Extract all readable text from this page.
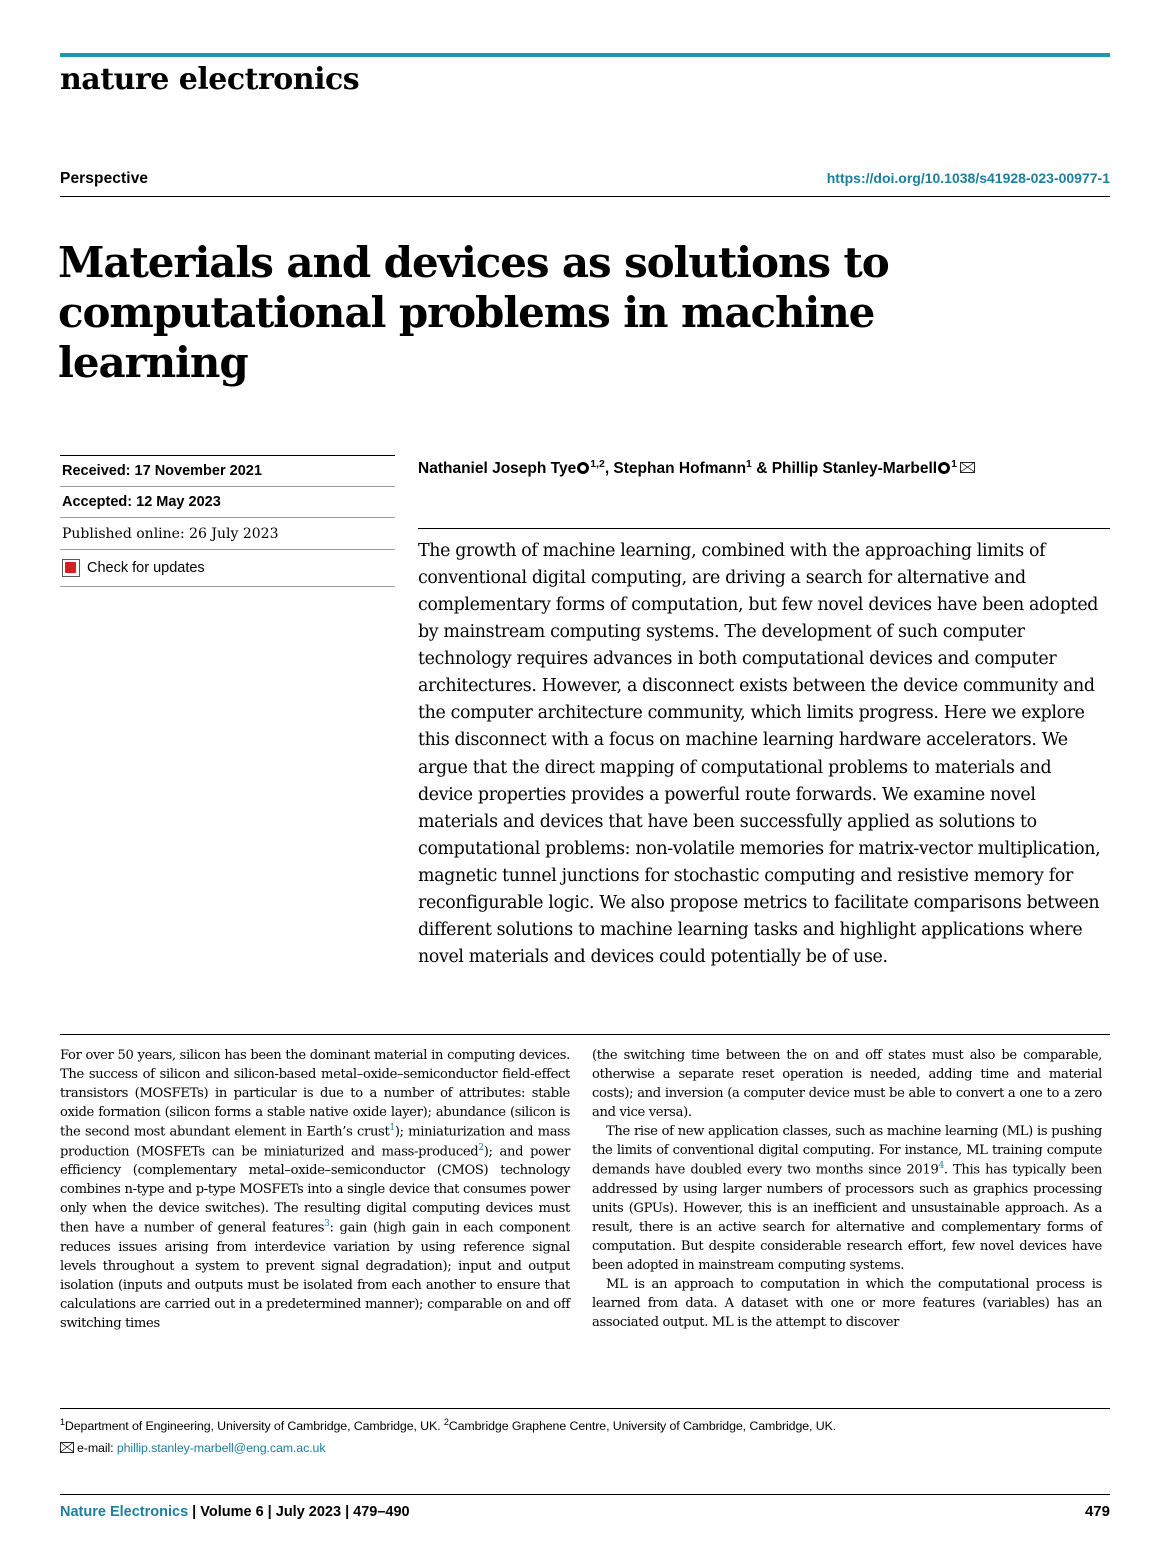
nature electronics
Perspective	https://doi.org/10.1038/s41928-023-00977-1
Materials and devices as solutions to computational problems in machine learning
Received: 17 November 2021
Accepted: 12 May 2023
Published online: 26 July 2023
Check for updates
Nathaniel Joseph Tye $^{1,2}$, Stephan Hofmann$^1$ & Phillip Stanley-Marbell $^1$
The growth of machine learning, combined with the approaching limits of conventional digital computing, are driving a search for alternative and complementary forms of computation, but few novel devices have been adopted by mainstream computing systems. The development of such computer technology requires advances in both computational devices and computer architectures. However, a disconnect exists between the device community and the computer architecture community, which limits progress. Here we explore this disconnect with a focus on machine learning hardware accelerators. We argue that the direct mapping of computational problems to materials and device properties provides a powerful route forwards. We examine novel materials and devices that have been successfully applied as solutions to computational problems: non-volatile memories for matrix-vector multiplication, magnetic tunnel junctions for stochastic computing and resistive memory for reconfigurable logic. We also propose metrics to facilitate comparisons between different solutions to machine learning tasks and highlight applications where novel materials and devices could potentially be of use.

For over 50 years, silicon has been the dominant material in computing devices. The success of silicon and silicon-based metal–oxide–semiconductor field-effect transistors (MOSFETs) in particular is due to a number of attributes: stable oxide formation (silicon forms a stable native oxide layer); abundance (silicon is the second most abundant element in Earth’s crust$^1$); miniaturization and mass production (MOSFETs can be miniaturized and mass-produced$^2$); and power efficiency (complementary metal–oxide–semiconductor (CMOS) technology combines n-type and p-type MOSFETs into a single device that consumes power only when the device switches). The resulting digital computing devices must then have a number of general features$^3$: gain (high gain in each component reduces issues arising from interdevice variation by using reference signal levels throughout a system to prevent signal degradation); input and output isolation (inputs and outputs must be isolated from each another to ensure that calculations are carried out in a predetermined manner); comparable on and off switching times

(the switching time between the on and off states must also be comparable, otherwise a separate reset operation is needed, adding time and material costs); and inversion (a computer device must be able to convert a one to a zero and vice versa).

The rise of new application classes, such as machine learning (ML) is pushing the limits of conventional digital computing. For instance, ML training compute demands have doubled every two months since 2019$^4$. This has typically been addressed by using larger numbers of processors such as graphics processing units (GPUs). However, this is an inefficient and unsustainable approach. As a result, there is an active search for alternative and complementary forms of computation. But despite considerable research effort, few novel devices have been adopted in mainstream computing systems.

ML is an approach to computation in which the computational process is learned from data. A dataset with one or more features (variables) has an associated output. ML is the attempt to discover

$^1$Department of Engineering, University of Cambridge, Cambridge, UK. $^2$Cambridge Graphene Centre, University of Cambridge, Cambridge, UK.
e-mail: phillip.stanley-marbell@eng.cam.ac.uk
Nature Electronics | Volume 6 | July 2023 | 479–490	479
